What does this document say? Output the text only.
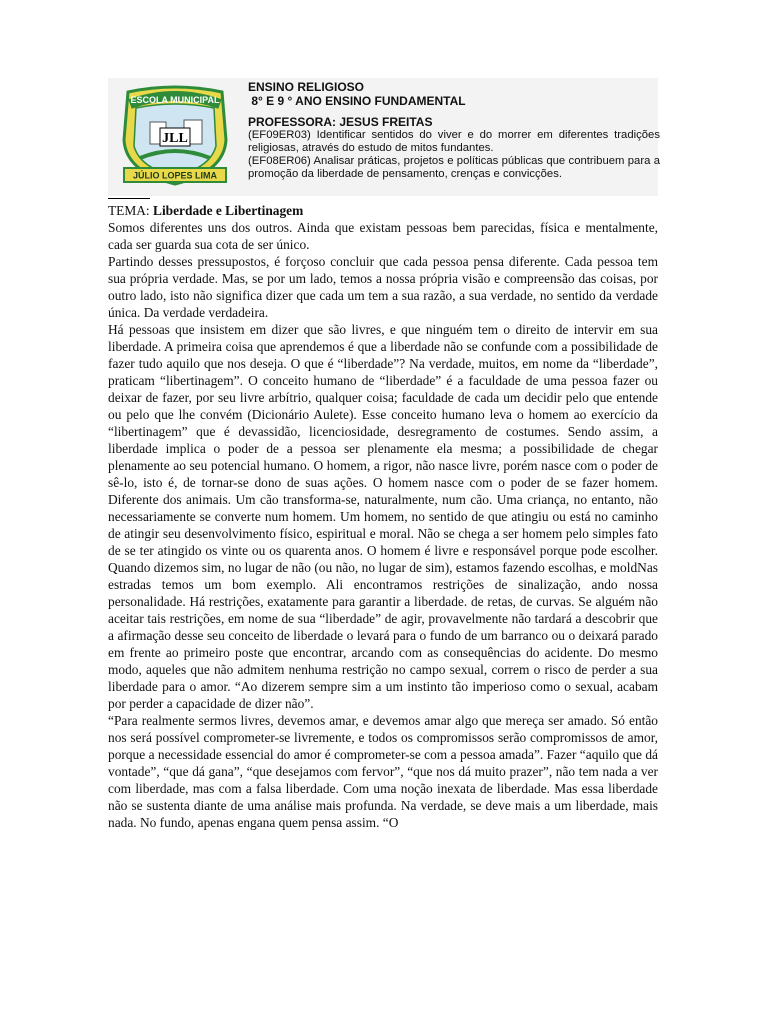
ESCOLA MUNICIPAL
JLL
JÚLIO LOPES LIMA
ENSINO RELIGIOSO
8° E 9 ° ANO ENSINO FUNDAMENTAL
PROFESSORA: JESUS FREITAS

(EF09ER03) Identificar sentidos do viver e do morrer em diferentes tradições religiosas, através do estudo de mitos fundantes.

(EF08ER06) Analisar práticas, projetos e políticas públicas que contribuem para a promoção da liberdade de pensamento, crenças e convicções.

TEMA: Liberdade e Libertinagem

Somos diferentes uns dos outros. Ainda que existam pessoas bem parecidas, física e mentalmente, cada ser guarda sua cota de ser único.

Partindo desses pressupostos, é forçoso concluir que cada pessoa pensa diferente. Cada pessoa tem sua própria verdade. Mas, se por um lado, temos a nossa própria visão e compreensão das coisas, por outro lado, isto não significa dizer que cada um tem a sua razão, a sua verdade, no sentido da verdade única. Da verdade verdadeira.

Há pessoas que insistem em dizer que são livres, e que ninguém tem o direito de intervir em sua liberdade. A primeira coisa que aprendemos é que a liberdade não se confunde com a possibilidade de fazer tudo aquilo que nos deseja. O que é “liberdade”? Na verdade, muitos, em nome da “liberdade”, praticam “libertinagem”. O conceito humano de “liberdade” é a faculdade de uma pessoa fazer ou deixar de fazer, por seu livre arbítrio, qualquer coisa; faculdade de cada um decidir pelo que entende ou pelo que lhe convém (Dicionário Aulete). Esse conceito humano leva o homem ao exercício da “libertinagem” que é devassidão, licenciosidade, desregramento de costumes. Sendo assim, a liberdade implica o poder de a pessoa ser plenamente ela mesma; a possibilidade de chegar plenamente ao seu potencial humano. O homem, a rigor, não nasce livre, porém nasce com o poder de sê-lo, isto é, de tornar-se dono de suas ações. O homem nasce com o poder de se fazer homem. Diferente dos animais. Um cão transforma-se, naturalmente, num cão. Uma criança, no entanto, não necessariamente se converte num homem. Um homem, no sentido de que atingiu ou está no caminho de atingir seu desenvolvimento físico, espiritual e moral. Não se chega a ser homem pelo simples fato de se ter atingido os vinte ou os quarenta anos. O homem é livre e responsável porque pode escolher. Quando dizemos sim, no lugar de não (ou não, no lugar de sim), estamos fazendo escolhas, e moldNas estradas temos um bom exemplo. Ali encontramos restrições de sinalização, ando nossa personalidade. Há restrições, exatamente para garantir a liberdade. de retas, de curvas. Se alguém não aceitar tais restrições, em nome de sua “liberdade” de agir, provavelmente não tardará a descobrir que a afirmação desse seu conceito de liberdade o levará para o fundo de um barranco ou o deixará parado em frente ao primeiro poste que encontrar, arcando com as consequências do acidente. Do mesmo modo, aqueles que não admitem nenhuma restrição no campo sexual, correm o risco de perder a sua liberdade para o amor. “Ao dizerem sempre sim a um instinto tão imperioso como o sexual, acabam por perder a capacidade de dizer não”.

“Para realmente sermos livres, devemos amar, e devemos amar algo que mereça ser amado. Só então nos será possível comprometer-se livremente, e todos os compromissos serão compromissos de amor, porque a necessidade essencial do amor é comprometer-se com a pessoa amada”. Fazer “aquilo que dá vontade”, “que dá gana”, “que desejamos com fervor”, “que nos dá muito prazer”, não tem nada a ver com liberdade, mas com a falsa liberdade. Com uma noção inexata de liberdade. Mas essa liberdade não se sustenta diante de uma análise mais profunda. Na verdade, se deve mais a um liberdade, mais nada. No fundo, apenas engana quem pensa assim. “O
